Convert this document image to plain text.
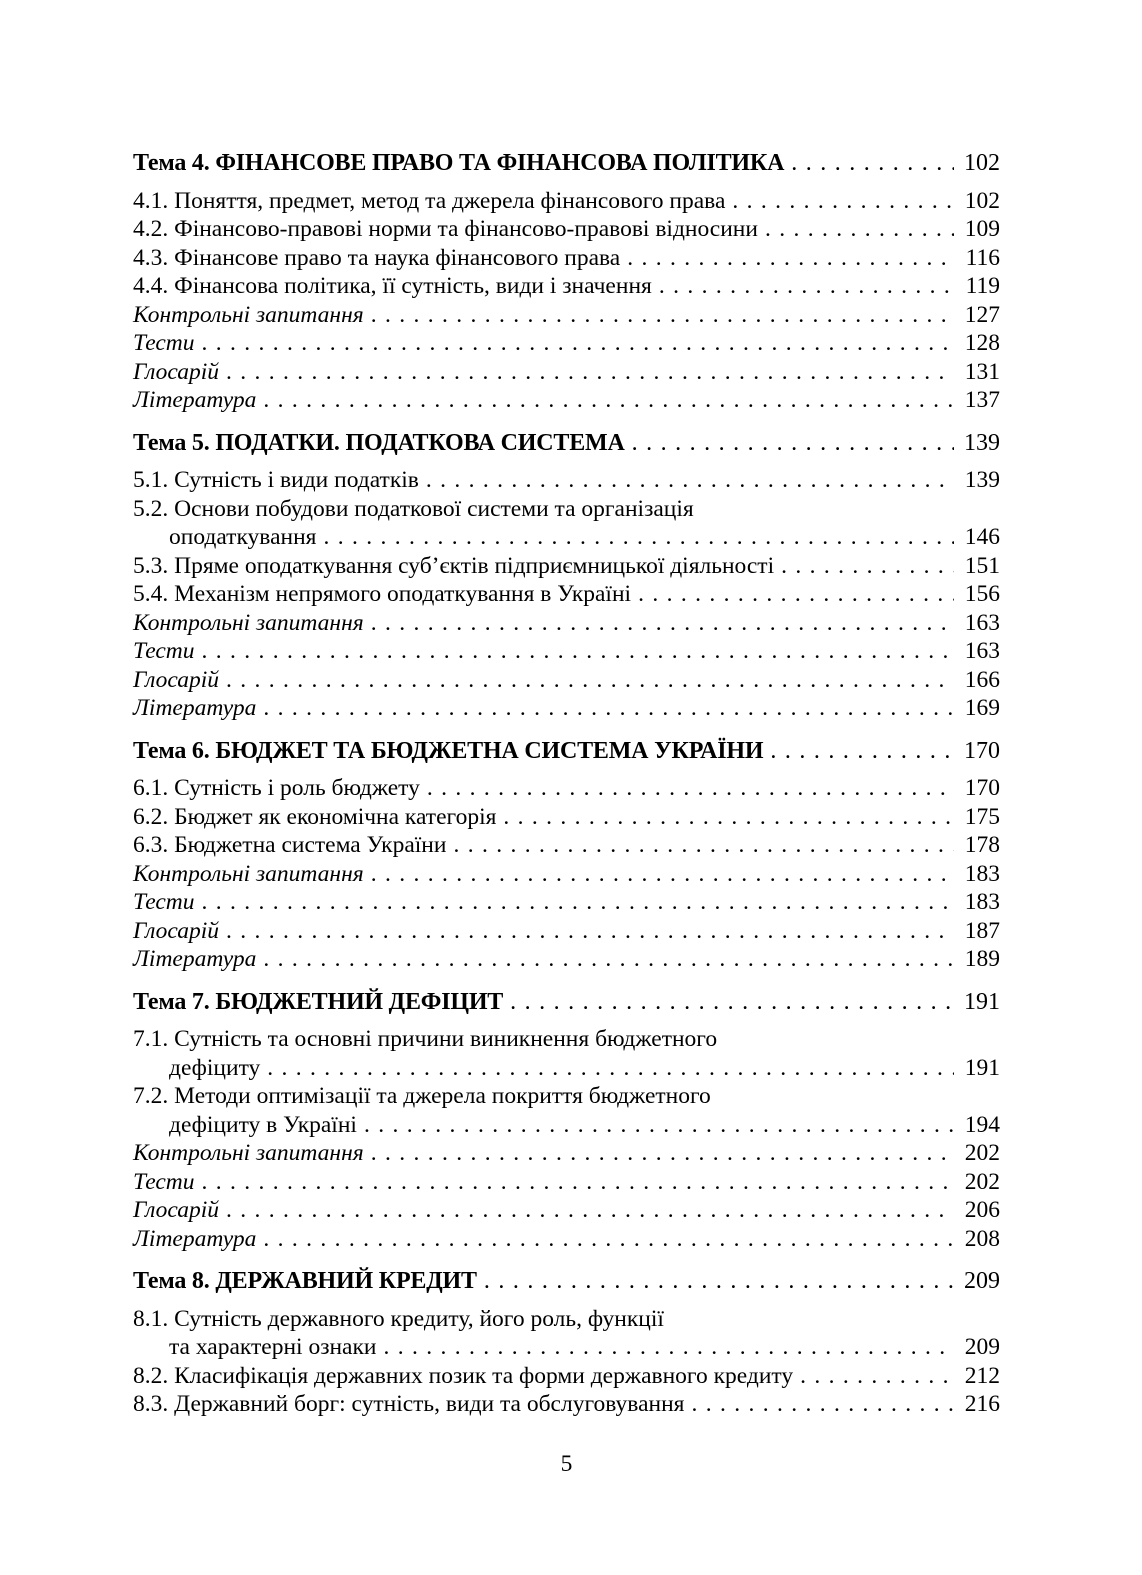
Тема 4. ФІНАНСОВЕ ПРАВО ТА ФІНАНСОВА ПОЛІТИКА . . .	102
4.1. Поняття, предмет, метод та джерела фінансового права . . .	102
4.2. Фінансово-правові норми та фінансово-правові відносини . . .	109
4.3. Фінансове право та наука фінансового права . . .	116
4.4. Фінансова політика, її сутність, види і значення . . .	119
Контрольні запитання . . .	127
Тести . . .	128
Глосарій . . .	131
Література . . .	137
Тема 5. ПОДАТКИ. ПОДАТКОВА СИСТЕМА . . .	139
5.1. Сутність і види податків . . .	139
5.2. Основи побудови податкової системи та організація
оподаткування . . .	146
5.3. Пряме оподаткування суб’єктів підприємницької діяльності . . .	151
5.4. Механізм непрямого оподаткування в Україні . . .	156
Контрольні запитання . . .	163
Тести . . .	163
Глосарій . . .	166
Література . . .	169
Тема 6. БЮДЖЕТ ТА БЮДЖЕТНА СИСТЕМА УКРАЇНИ . . .	170
6.1. Сутність і роль бюджету . . .	170
6.2. Бюджет як економічна категорія . . .	175
6.3. Бюджетна система України . . .	178
Контрольні запитання . . .	183
Тести . . .	183
Глосарій . . .	187
Література . . .	189
Тема 7. БЮДЖЕТНИЙ ДЕФІЦИТ . . .	191
7.1. Сутність та основні причини виникнення бюджетного
дефіциту . . .	191
7.2. Методи оптимізації та джерела покриття бюджетного
дефіциту в Україні . . .	194
Контрольні запитання . . .	202
Тести . . .	202
Глосарій . . .	206
Література . . .	208
Тема 8. ДЕРЖАВНИЙ КРЕДИТ . . .	209
8.1. Сутність державного кредиту, його роль, функції
та характерні ознаки . . .	209
8.2. Класифікація державних позик та форми державного кредиту . . .	212
8.3. Державний борг: сутність, види та обслуговування . . .	216
5
